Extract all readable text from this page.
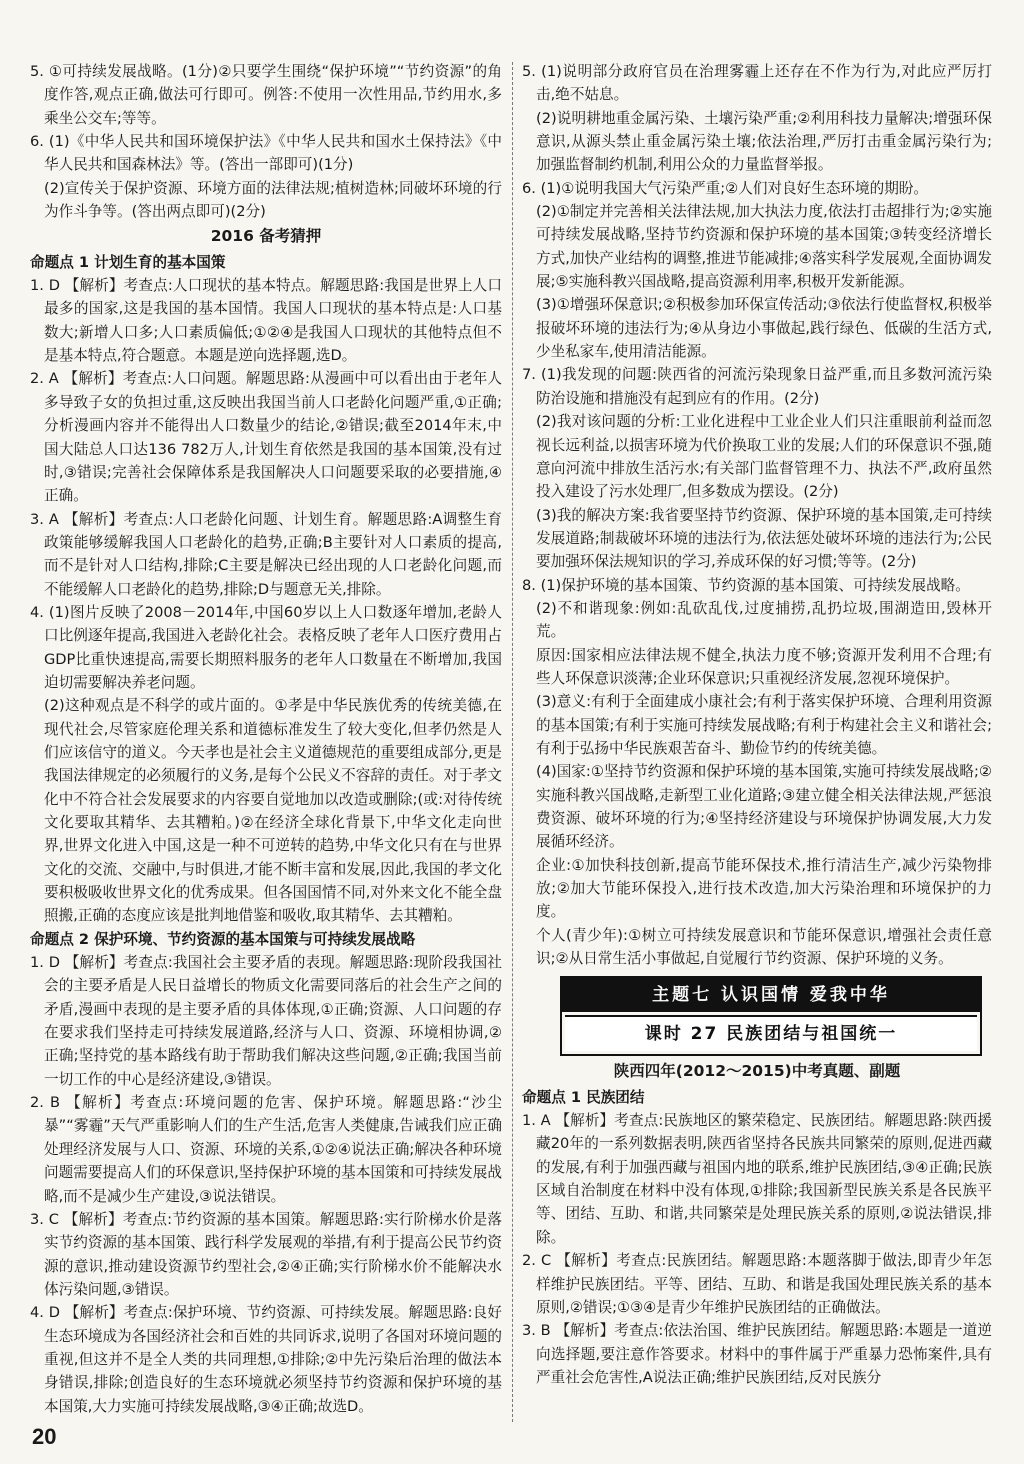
5. ①可持续发展战略。(1分)②只要学生围绕“保护环境”“节约资源”的角度作答,观点正确,做法可行即可。例答:不使用一次性用品,节约用水,多乘坐公交车;等等。

6. (1)《中华人民共和国环境保护法》《中华人民共和国水土保持法》《中华人民共和国森林法》等。(答出一部即可)(1分)

(2)宣传关于保护资源、环境方面的法律法规;植树造林;同破坏环境的行为作斗争等。(答出两点即可)(2分)

2016 备考猜押

命题点 1 计划生育的基本国策

1. D 【解析】考查点:人口现状的基本特点。解题思路:我国是世界上人口最多的国家,这是我国的基本国情。我国人口现状的基本特点是:人口基数大;新增人口多;人口素质偏低;①②④是我国人口现状的其他特点但不是基本特点,符合题意。本题是逆向选择题,选D。

2. A 【解析】考查点:人口问题。解题思路:从漫画中可以看出由于老年人多导致子女的负担过重,这反映出我国当前人口老龄化问题严重,①正确;分析漫画内容并不能得出人口数量少的结论,②错误;截至2014年末,中国大陆总人口达136 782万人,计划生育依然是我国的基本国策,没有过时,③错误;完善社会保障体系是我国解决人口问题要采取的必要措施,④正确。

3. A 【解析】考查点:人口老龄化问题、计划生育。解题思路:A调整生育政策能够缓解我国人口老龄化的趋势,正确;B主要针对人口素质的提高,而不是针对人口结构,排除;C主要是解决已经出现的人口老龄化问题,而不能缓解人口老龄化的趋势,排除;D与题意无关,排除。

4. (1)图片反映了2008－2014年,中国60岁以上人口数逐年增加,老龄人口比例逐年提高,我国进入老龄化社会。表格反映了老年人口医疗费用占GDP比重快速提高,需要长期照料服务的老年人口数量在不断增加,我国迫切需要解决养老问题。

(2)这种观点是不科学的或片面的。①孝是中华民族优秀的传统美德,在现代社会,尽管家庭伦理关系和道德标准发生了较大变化,但孝仍然是人们应该信守的道义。今天孝也是社会主义道德规范的重要组成部分,更是我国法律规定的必须履行的义务,是每个公民义不容辞的责任。对于孝文化中不符合社会发展要求的内容要自觉地加以改造或删除;(或:对待传统文化要取其精华、去其糟粕。)②在经济全球化背景下,中华文化走向世界,世界文化进入中国,这是一种不可逆转的趋势,中华文化只有在与世界文化的交流、交融中,与时俱进,才能不断丰富和发展,因此,我国的孝文化要积极吸收世界文化的优秀成果。但各国国情不同,对外来文化不能全盘照搬,正确的态度应该是批判地借鉴和吸收,取其精华、去其糟粕。

命题点 2 保护环境、节约资源的基本国策与可持续发展战略

1. D 【解析】考查点:我国社会主要矛盾的表现。解题思路:现阶段我国社会的主要矛盾是人民日益增长的物质文化需要同落后的社会生产之间的矛盾,漫画中表现的是主要矛盾的具体体现,①正确;资源、人口问题的存在要求我们坚持走可持续发展道路,经济与人口、资源、环境相协调,②正确;坚持党的基本路线有助于帮助我们解决这些问题,②正确;我国当前一切工作的中心是经济建设,③错误。

2. B 【解析】考查点:环境问题的危害、保护环境。解题思路:“沙尘暴”“雾霾”天气严重影响人们的生产生活,危害人类健康,告诫我们应正确处理经济发展与人口、资源、环境的关系,①②④说法正确;解决各种环境问题需要提高人们的环保意识,坚持保护环境的基本国策和可持续发展战略,而不是减少生产建设,③说法错误。

3. C 【解析】考查点:节约资源的基本国策。解题思路:实行阶梯水价是落实节约资源的基本国策、践行科学发展观的举措,有利于提高公民节约资源的意识,推动建设资源节约型社会,②④正确;实行阶梯水价不能解决水体污染问题,③错误。

4. D 【解析】考查点:保护环境、节约资源、可持续发展。解题思路:良好生态环境成为各国经济社会和百姓的共同诉求,说明了各国对环境问题的重视,但这并不是全人类的共同理想,①排除;②中先污染后治理的做法本身错误,排除;创造良好的生态环境就必须坚持节约资源和保护环境的基本国策,大力实施可持续发展战略,③④正确;故选D。

5. (1)说明部分政府官员在治理雾霾上还存在不作为行为,对此应严厉打击,绝不姑息。

(2)说明耕地重金属污染、土壤污染严重;②利用科技力量解决;增强环保意识,从源头禁止重金属污染土壤;依法治理,严厉打击重金属污染行为;加强监督制约机制,利用公众的力量监督举报。

6. (1)①说明我国大气污染严重;②人们对良好生态环境的期盼。

(2)①制定并完善相关法律法规,加大执法力度,依法打击超排行为;②实施可持续发展战略,坚持节约资源和保护环境的基本国策;③转变经济增长方式,加快产业结构的调整,推进节能减排;④落实科学发展观,全面协调发展;⑤实施科教兴国战略,提高资源利用率,积极开发新能源。

(3)①增强环保意识;②积极参加环保宣传活动;③依法行使监督权,积极举报破坏环境的违法行为;④从身边小事做起,践行绿色、低碳的生活方式,少坐私家车,使用清洁能源。

7. (1)我发现的问题:陕西省的河流污染现象日益严重,而且多数河流污染防治设施和措施没有起到应有的作用。(2分)

(2)我对该问题的分析:工业化进程中工业企业人们只注重眼前利益而忽视长远利益,以损害环境为代价换取工业的发展;人们的环保意识不强,随意向河流中排放生活污水;有关部门监督管理不力、执法不严,政府虽然投入建设了污水处理厂,但多数成为摆设。(2分)

(3)我的解决方案:我省要坚持节约资源、保护环境的基本国策,走可持续发展道路;制裁破坏环境的违法行为,依法惩处破坏环境的违法行为;公民要加强环保法规知识的学习,养成环保的好习惯;等等。(2分)

8. (1)保护环境的基本国策、节约资源的基本国策、可持续发展战略。

(2)不和谐现象:例如:乱砍乱伐,过度捕捞,乱扔垃圾,围湖造田,毁林开荒。

原因:国家相应法律法规不健全,执法力度不够;资源开发利用不合理;有些人环保意识淡薄;企业环保意识;只重视经济发展,忽视环境保护。

(3)意义:有利于全面建成小康社会;有利于落实保护环境、合理利用资源的基本国策;有利于实施可持续发展战略;有利于构建社会主义和谐社会;有利于弘扬中华民族艰苦奋斗、勤俭节约的传统美德。

(4)国家:①坚持节约资源和保护环境的基本国策,实施可持续发展战略;②实施科教兴国战略,走新型工业化道路;③建立健全相关法律法规,严惩浪费资源、破坏环境的行为;④坚持经济建设与环境保护协调发展,大力发展循环经济。

企业:①加快科技创新,提高节能环保技术,推行清洁生产,减少污染物排放;②加大节能环保投入,进行技术改造,加大污染治理和环境保护的力度。

个人(青少年):①树立可持续发展意识和节能环保意识,增强社会责任意识;②从日常生活小事做起,自觉履行节约资源、保护环境的义务。

主题七 认识国情 爱我中华
课时 27 民族团结与祖国统一

陕西四年(2012～2015)中考真题、副题

命题点 1 民族团结

1. A 【解析】考查点:民族地区的繁荣稳定、民族团结。解题思路:陕西援藏20年的一系列数据表明,陕西省坚持各民族共同繁荣的原则,促进西藏的发展,有利于加强西藏与祖国内地的联系,维护民族团结,③④正确;民族区域自治制度在材料中没有体现,①排除;我国新型民族关系是各民族平等、团结、互助、和谐,共同繁荣是处理民族关系的原则,②说法错误,排除。

2. C 【解析】考查点:民族团结。解题思路:本题落脚于做法,即青少年怎样维护民族团结。平等、团结、互助、和谐是我国处理民族关系的基本原则,②错误;①③④是青少年维护民族团结的正确做法。

3. B 【解析】考查点:依法治国、维护民族团结。解题思路:本题是一道逆向选择题,要注意作答要求。材料中的事件属于严重暴力恐怖案件,具有严重社会危害性,A说法正确;维护民族团结,反对民族分

20
